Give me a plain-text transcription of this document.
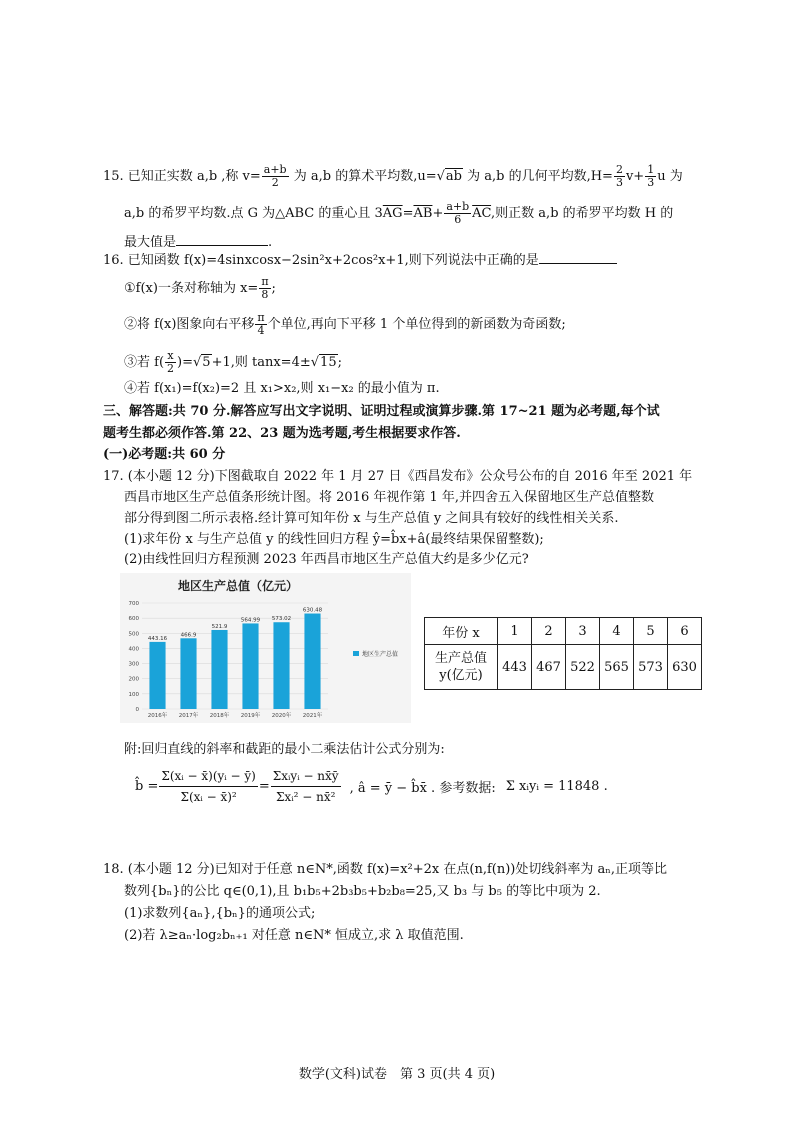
15. 已知正实数 a,b ,称 $v= \frac{a+b}{2}$ 为 a,b 的算术平均数,u=√ab 为 a,b 的几何平均数$,H= \frac{2}{3} v+ \frac{1}{3}$ u 为
a,b 的希罗平均数.点 G 为△ABC 的重心且 $3\overline{AG}=\overline{AB}+ \frac{a+b}{6} \overline{AC}$,则正数 a,b 的希罗平均数 H 的
最大值是	.
16. 已知函数 f(x)=4sinxcosx−2sin²x+2cos²x+1,则下列说法中正确的是
①f(x)一条对称轴为 $x= \frac{\pi}{8}$ ;
②将 f(x)图象向右平移 $\frac{\pi}{4}$ 个单位,再向下平移 1 个单位得到的新函数为奇函数;
③若 $f( \frac{x}{2} )=√5+1$,则 tanx=4±√15;
④若 f(x₁)=f(x₂)=2 且 x₁>x₂,则 x₁−x₂ 的最小值为 π.
三、解答题:共 70 分.解答应写出文字说明、证明过程或演算步骤.第 17~21 题为必考题,每个试
题考生都必须作答.第 22、23 题为选考题,考生根据要求作答.
(一)必考题:共 60 分
17. (本小题 12 分)下图截取自 2022 年 1 月 27 日《西昌发布》公众号公布的自 2016 年至 2021 年
西昌市地区生产总值条形统计图。将 2016 年视作第 1 年,并四舍五入保留地区生产总值整数
部分得到图二所示表格.经计算可知年份 x 与生产总值 y 之间具有较好的线性相关关系.
(1)求年份 x 与生产总值 y 的线性回归方程 ŷ=b̂x+â(最终结果保留整数);
(2)由线性回归方程预测 2023 年西昌市地区生产总值大约是多少亿元?
地区生产总值（亿元）
0
100
200
300
400
500
600
700
443.16
466.9
521.9
564.99 573.02
630.48
2016年 2017年 2018年 2019年 2020年 2021年
地区生产总值
年份 x	1	2	3	4	5	6

生产总值
y(亿元)	443	467	522	565	573	630
附:回归直线的斜率和截距的最小二乘法估计公式分别为:
b̂ = $\frac{\text{Σ(xᵢ − x̄)(yᵢ − ȳ)}}{\text{Σ(xᵢ − x̄)²}} = \frac{\text{Σxᵢyᵢ − nx̄ȳ}}{\text{Σxᵢ² − nx̄²}}$ , â = ȳ − b̂x̄ . 参考数据: Σ xᵢyᵢ = 11848 .
18. (本小题 12 分)已知对于任意 n∈N*,函数 f(x)=x²+2x 在点(n,f(n))处切线斜率为 aₙ,正项等比
数列{bₙ}的公比 q∈(0,1),且 b₁b₅+2b₃b₅+b₂b₈=25,又 b₃ 与 b₅ 的等比中项为 2.
(1)求数列{aₙ},{bₙ}的通项公式;
(2)若 λ≥aₙ·log₂bₙ₊₁ 对任意 n∈N* 恒成立,求 λ 取值范围.
数学(文科)试卷　第 3 页(共 4 页)
